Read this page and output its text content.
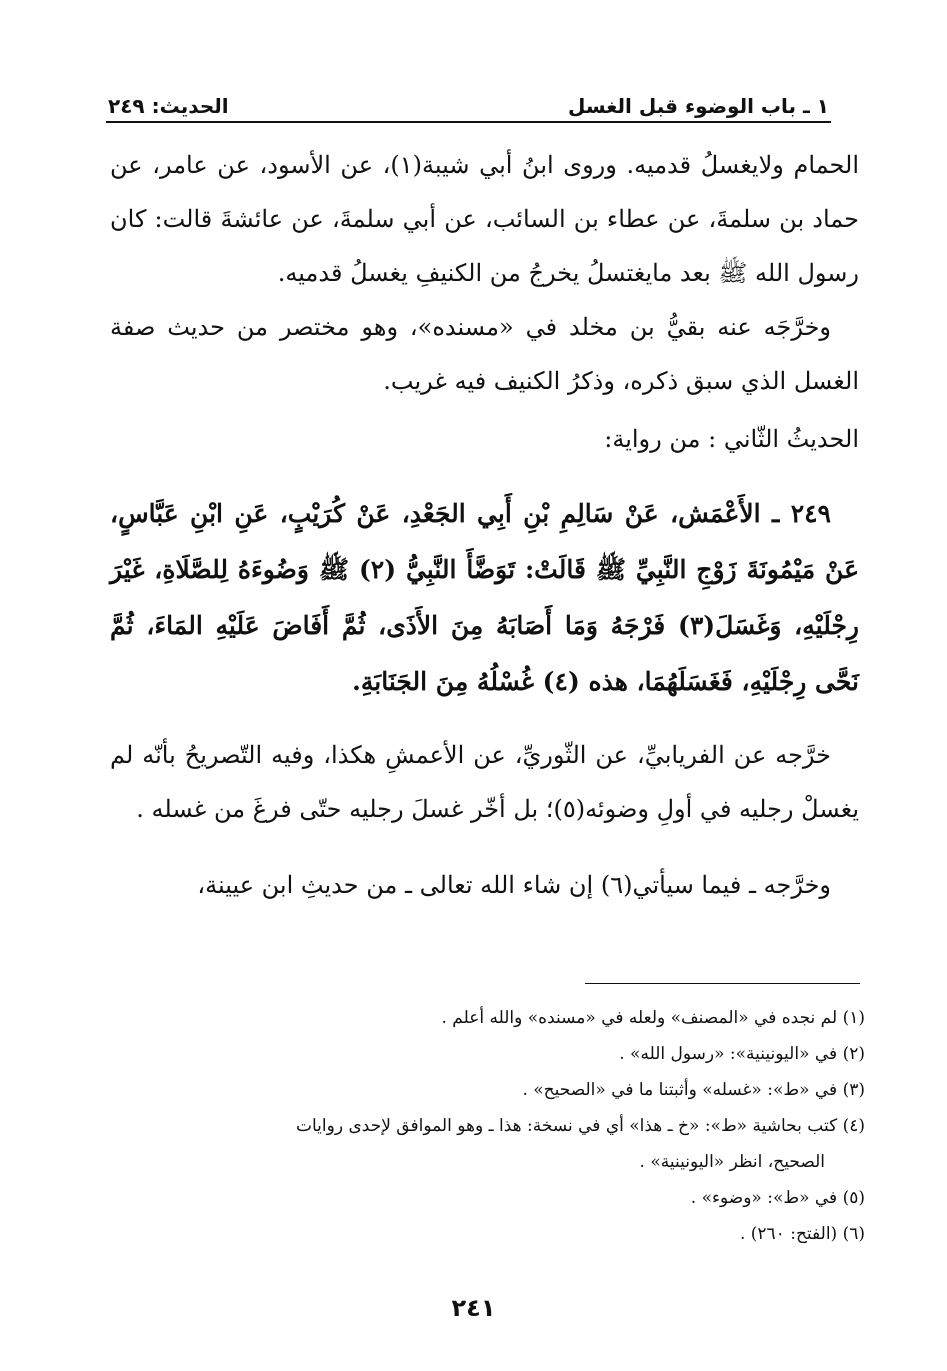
١ ـ باب الوضوء قبل الغسل
الحديث: ٢٤٩

الحمام ولايغسلُ قدميه. وروى ابنُ أبي شيبة(١)، عن الأسود، عن عامر، عن حماد بن سلمةَ، عن عطاء بن السائب، عن أبي سلمةَ، عن عائشةَ قالت: كان رسول الله ﷺ بعد مايغتسلُ يخرجُ من الكنيفِ يغسلُ قدميه.

وخرَّجَه عنه بقيُّ بن مخلد في «مسنده»، وهو مختصر من حديث صفة الغسل الذي سبق ذكره، وذكرُ الكنيف فيه غريب.

الحديثُ الثّاني : من رواية:

٢٤٩ ـ الأَعْمَش، عَنْ سَالِمِ بْنِ أَبِي الجَعْدِ، عَنْ كُرَيْبٍ، عَنِ ابْنِ عَبَّاسٍ، عَنْ مَيْمُونَةَ زَوْجِ النَّبِيِّ ﷺ قَالَتْ: تَوَضَّأَ النَّبِيُّ (٢) ﷺ وَضُوءَهُ لِلصَّلَاةِ، غَيْرَ رِجْلَيْهِ، وَغَسَلَ(٣) فَرْجَهُ وَمَا أَصَابَهُ مِنَ الأَذَى، ثُمَّ أَفَاضَ عَلَيْهِ المَاءَ، ثُمَّ نَحَّى رِجْلَيْهِ، فَغَسَلَهُمَا، هذه (٤) غُسْلُهُ مِنَ الجَنَابَةِ.

خرَّجه عن الفريابيِّ، عن الثّوريِّ، عن الأعمشِ هكذا، وفيه التّصريحُ بأنّه لم يغسلْ رجليه في أولِ وضوئه(٥)؛ بل أخّر غسلَ رجليه حتّى فرغَ من غسله .

وخرَّجه ـ فيما سيأتي(٦) إن شاء الله تعالى ـ من حديثِ ابن عيينة،

(١) لم نجده في «المصنف» ولعله في «مسنده» والله أعلم .

(٢) في «اليونينية»: «رسول الله» .

(٣) في «ط»: «غسله» وأثبتنا ما في «الصحيح» .

(٤) كتب بحاشية «ط»: «خ ـ هذا» أي في نسخة: هذا ـ وهو الموافق لإحدى روايات

الصحيح، انظر «اليونينية» .

(٥) في «ط»: «وضوء» .

(٦) (الفتح: ٢٦٠) .

٢٤١
